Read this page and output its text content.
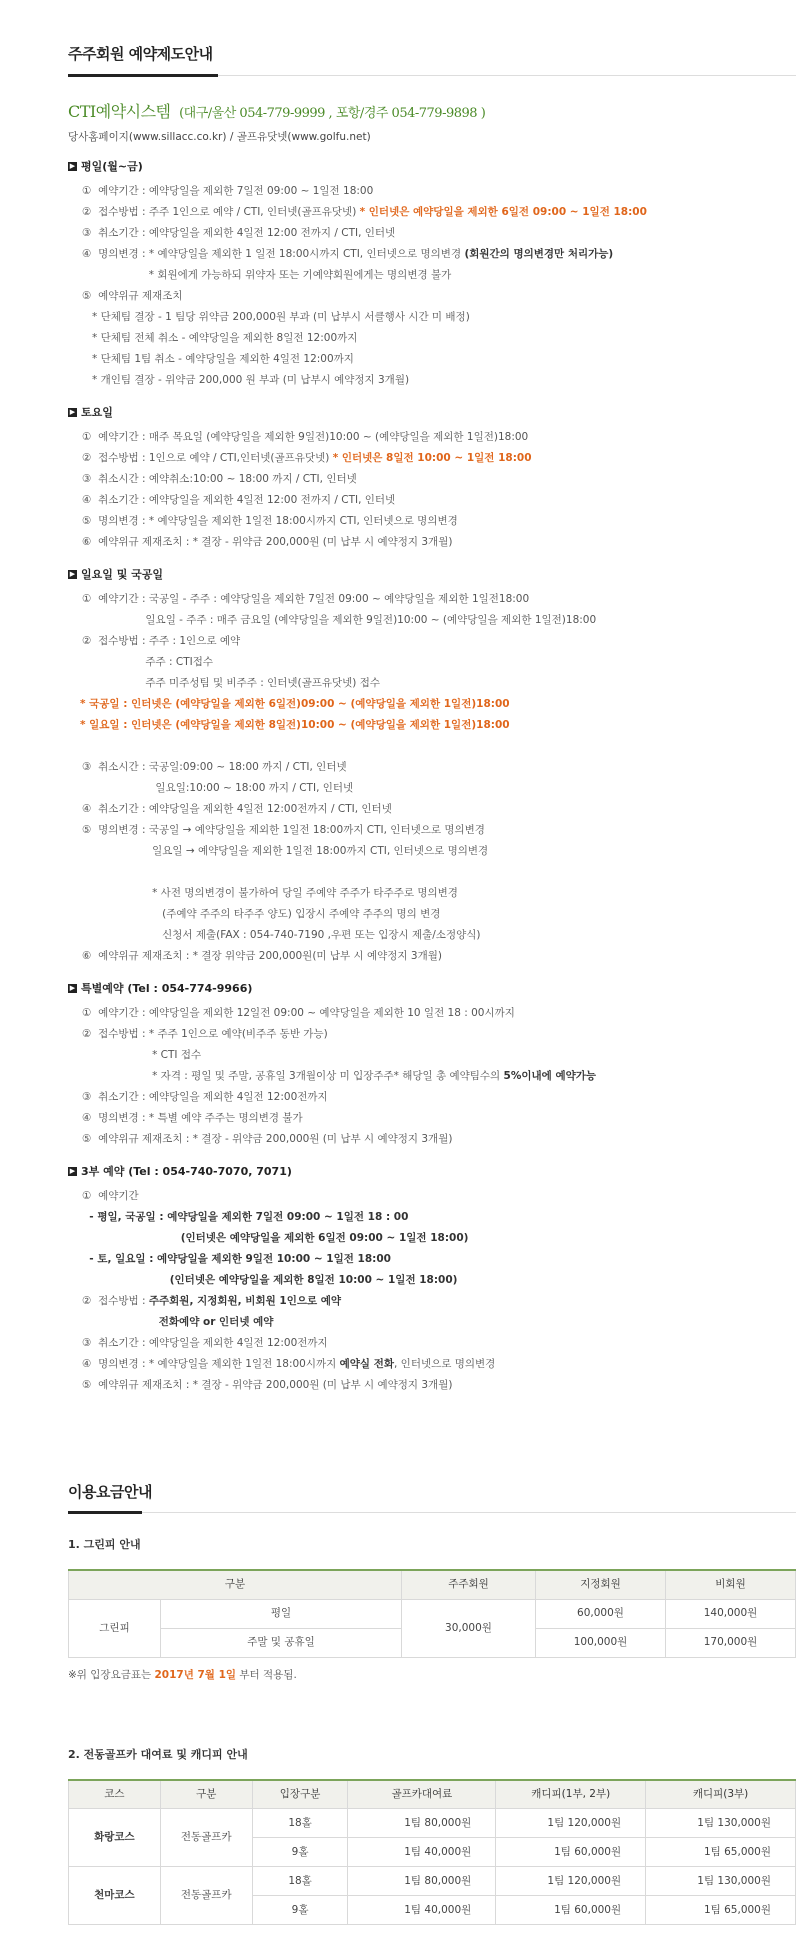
주주회원 예약제도안내
CTI예약시스템 (대구/울산 054-779-9999 , 포항/경주 054-779-9898 )
당사홈페이지(www.sillacc.co.kr) / 골프유닷넷(www.golfu.net)
▶ 평일(월~금)
①  예약기간 : 예약당일을 제외한 7일전 09:00 ~ 1일전 18:00
②  접수방법 : 주주 1인으로 예약 / CTI, 인터넷(골프유닷넷) * 인터넷은 예약당일을 제외한 6일전 09:00 ~ 1일전 18:00
③  취소기간 : 예약당일을 제외한 4일전 12:00 전까지 / CTI, 인터넷
④  명의변경 : * 예약당일을 제외한 1 일전 18:00시까지 CTI, 인터넷으로 명의변경 (회원간의 명의변경만 처리가능)
* 회원에게 가능하되 위약자 또는 기예약회원에게는 명의변경 불가
⑤  예약위규 제재조치
* 단체팀 결장 - 1 팀당 위약금 200,000원 부과 (미 납부시 서클행사 시간 미 배정)
* 단체팀 전체 취소 - 예약당일을 제외한 8일전 12:00까지
* 단체팀 1팀 취소 - 예약당일을 제외한 4일전 12:00까지
* 개인팀 결장 - 위약금 200,000 원 부과 (미 납부시 예약정지 3개월)
▶ 토요일
①  예약기간 : 매주 목요일 (예약당일을 제외한 9일전)10:00 ~ (예약당일을 제외한 1일전)18:00
②  접수방법 : 1인으로 예약 / CTI,인터넷(골프유닷넷) * 인터넷은 8일전 10:00 ~ 1일전 18:00
③  취소시간 : 예약취소:10:00 ~ 18:00 까지 / CTI, 인터넷
④  취소기간 : 예약당일을 제외한 4일전 12:00 전까지 / CTI, 인터넷
⑤  명의변경 : * 예약당일을 제외한 1일전 18:00시까지 CTI, 인터넷으로 명의변경
⑥  예약위규 제재조치 : * 결장 - 위약금 200,000원 (미 납부 시 예약정지 3개월)
▶ 일요일 및 국공일
①  예약기간 : 국공일 - 주주 : 예약당일을 제외한 7일전 09:00 ~ 예약당일을 제외한 1일전18:00
일요일 - 주주 : 매주 금요일 (예약당일을 제외한 9일전)10:00 ~ (예약당일을 제외한 1일전)18:00
②  접수방법 : 주주 : 1인으로 예약
주주 : CTI접수
주주 미주성팀 및 비주주 : 인터넷(골프유닷넷) 접수
* 국공일 : 인터넷은 (예약당일을 제외한 6일전)09:00 ~ (예약당일을 제외한 1일전)18:00
* 일요일 : 인터넷은 (예약당일을 제외한 8일전)10:00 ~ (예약당일을 제외한 1일전)18:00
③  취소시간 : 국공일:09:00 ~ 18:00 까지 / CTI, 인터넷
일요일:10:00 ~ 18:00 까지 / CTI, 인터넷
④  취소기간 : 예약당일을 제외한 4일전 12:00전까지 / CTI, 인터넷
⑤  명의변경 : 국공일 → 예약당일을 제외한 1일전 18:00까지 CTI, 인터넷으로 명의변경
일요일 → 예약당일을 제외한 1일전 18:00까지 CTI, 인터넷으로 명의변경
* 사전 명의변경이 불가하여 당일 주예약 주주가 타주주로 명의변경
(주예약 주주의 타주주 양도) 입장시 주예약 주주의 명의 변경
신청서 제출(FAX : 054-740-7190 ,우편 또는 입장시 제출/소정양식)
⑥  예약위규 제재조치 : * 결장 위약금 200,000원(미 납부 시 예약정지 3개월)
▶ 특별예약 (Tel : 054-774-9966)
①  예약기간 : 예약당일을 제외한 12일전 09:00 ~ 예약당일을 제외한 10 일전 18 : 00시까지
②  접수방법 : * 주주 1인으로 예약(비주주 동반 가능)
* CTI 접수
* 자격 : 평일 및 주말, 공휴일 3개월이상 미 입장주주* 해당일 총 예약팀수의 5%이내에 예약가능
③  취소기간 : 예약당일을 제외한 4일전 12:00전까지
④  명의변경 : * 특별 예약 주주는 명의변경 불가
⑤  예약위규 제재조치 : * 결장 - 위약금 200,000원 (미 납부 시 예약정지 3개월)
▶ 3부 예약 (Tel : 054-740-7070, 7071)
①  예약기간
- 평일, 국공일 : 예약당일을 제외한 7일전 09:00 ~ 1일전 18 : 00
(인터넷은 예약당일을 제외한 6일전 09:00 ~ 1일전 18:00)
- 토, 일요일 : 예약당일을 제외한 9일전 10:00 ~ 1일전 18:00
(인터넷은 예약당일을 제외한 8일전 10:00 ~ 1일전 18:00)
②  접수방법 : 주주회원, 지정회원, 비회원 1인으로 예약
전화예약 or 인터넷 예약
③  취소기간 : 예약당일을 제외한 4일전 12:00전까지
④  명의변경 : * 예약당일을 제외한 1일전 18:00시까지 예약실 전화, 인터넷으로 명의변경
⑤  예약위규 제재조치 : * 결장 - 위약금 200,000원 (미 납부 시 예약정지 3개월)
이용요금안내
1. 그린피 안내
구분		주주회원	지정회원	비회원
그린피	평일	30,000원	60,000원	140,000원
	주말 및 공휴일		100,000원	170,000원
※위 입장요금표는 2017년 7월 1일 부터 적용됨.
2. 전동골프카 대여료 및 캐디피 안내
코스	구분	입장구분	골프카대여료	캐디피(1부, 2부)	캐디피(3부)
화랑코스	전동골프카	18홀	1팀 80,000원	1팀 120,000원	1팀 130,000원
		9홀	1팀 40,000원	1팀 60,000원	1팀 65,000원
천마코스	전동골프카	18홀	1팀 80,000원	1팀 120,000원	1팀 130,000원
		9홀	1팀 40,000원	1팀 60,000원	1팀 65,000원
